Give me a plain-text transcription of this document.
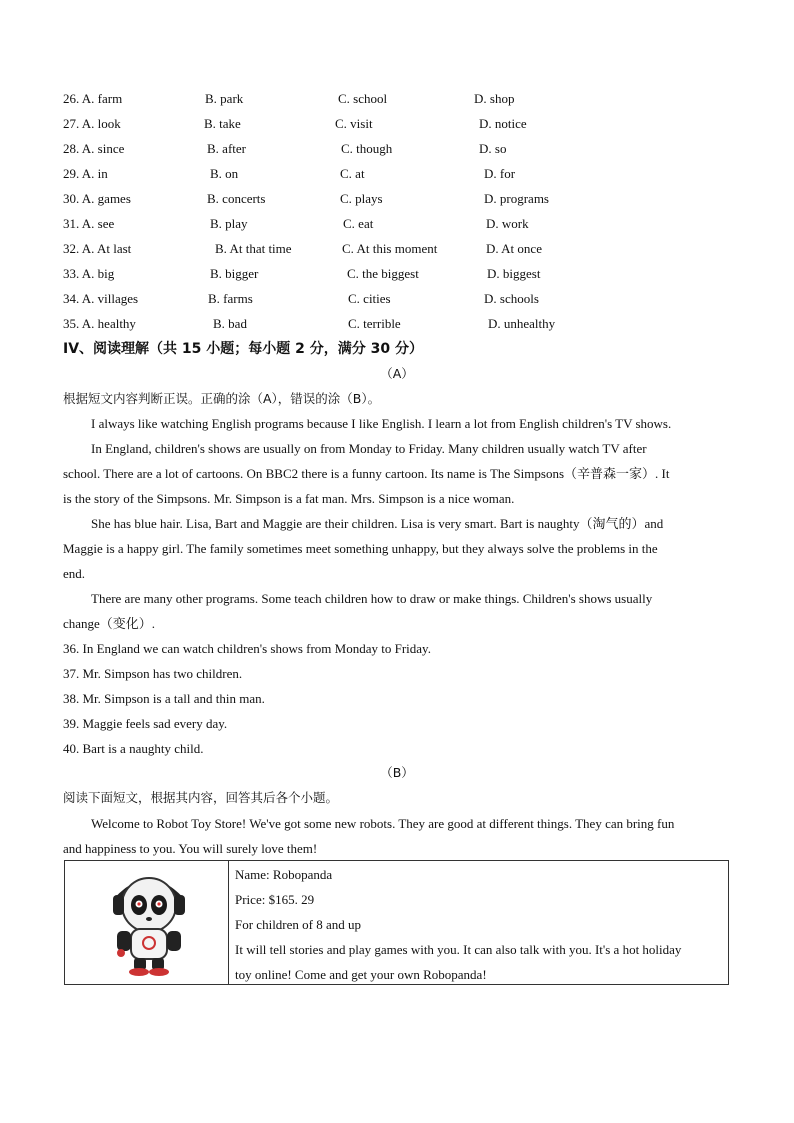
26. A. farm	B. park	C. school	D. shop
27. A. look	B. take	C. visit	D. notice
28. A. since	B. after	C. though	D. so
29. A. in	B. on	C. at	D. for
30. A. games	B. concerts	C. plays	D. programs
31. A. see	B. play	C. eat	D. work
32. A. At last	B. At that time	C. At this moment	D. At once
33. A. big	B. bigger	C. the biggest	D. biggest
34. A. villages	B. farms	C. cities	D. schools
35. A. healthy	B. bad	C. terrible	D. unhealthy
IV、阅读理解（共 15 小题；每小题 2 分，满分 30 分）
（A）
根据短文内容判断正误。正确的涂（A），错误的涂（B）。
I always like watching English programs because I like English. I learn a lot from English children's TV shows.
In England, children's shows are usually on from Monday to Friday. Many children usually watch TV after
school. There are a lot of cartoons. On BBC2 there is a funny cartoon. Its name is The Simpsons（辛普森一家）. It
is the story of the Simpsons. Mr. Simpson is a fat man. Mrs. Simpson is a nice woman.
She has blue hair. Lisa, Bart and Maggie are their children. Lisa is very smart. Bart is naughty（淘气的）and
Maggie is a happy girl. The family sometimes meet something unhappy, but they always solve the problems in the
end.
There are many other programs. Some teach children how to draw or make things. Children's shows usually
change（变化）.
36. In England we can watch children's shows from Monday to Friday.
37. Mr. Simpson has two children.
38. Mr. Simpson is a tall and thin man.
39. Maggie feels sad every day.
40. Bart is a naughty child.
（B）
阅读下面短文，根据其内容，回答其后各个小题。
Welcome to Robot Toy Store! We've got some new robots. They are good at different things. They can bring fun
and happiness to you. You will surely love them!
Name: Robopanda
Price: $165. 29
For children of 8 and up
It will tell stories and play games with you. It can also talk with you. It's a hot holiday
toy online! Come and get your own Robopanda!
